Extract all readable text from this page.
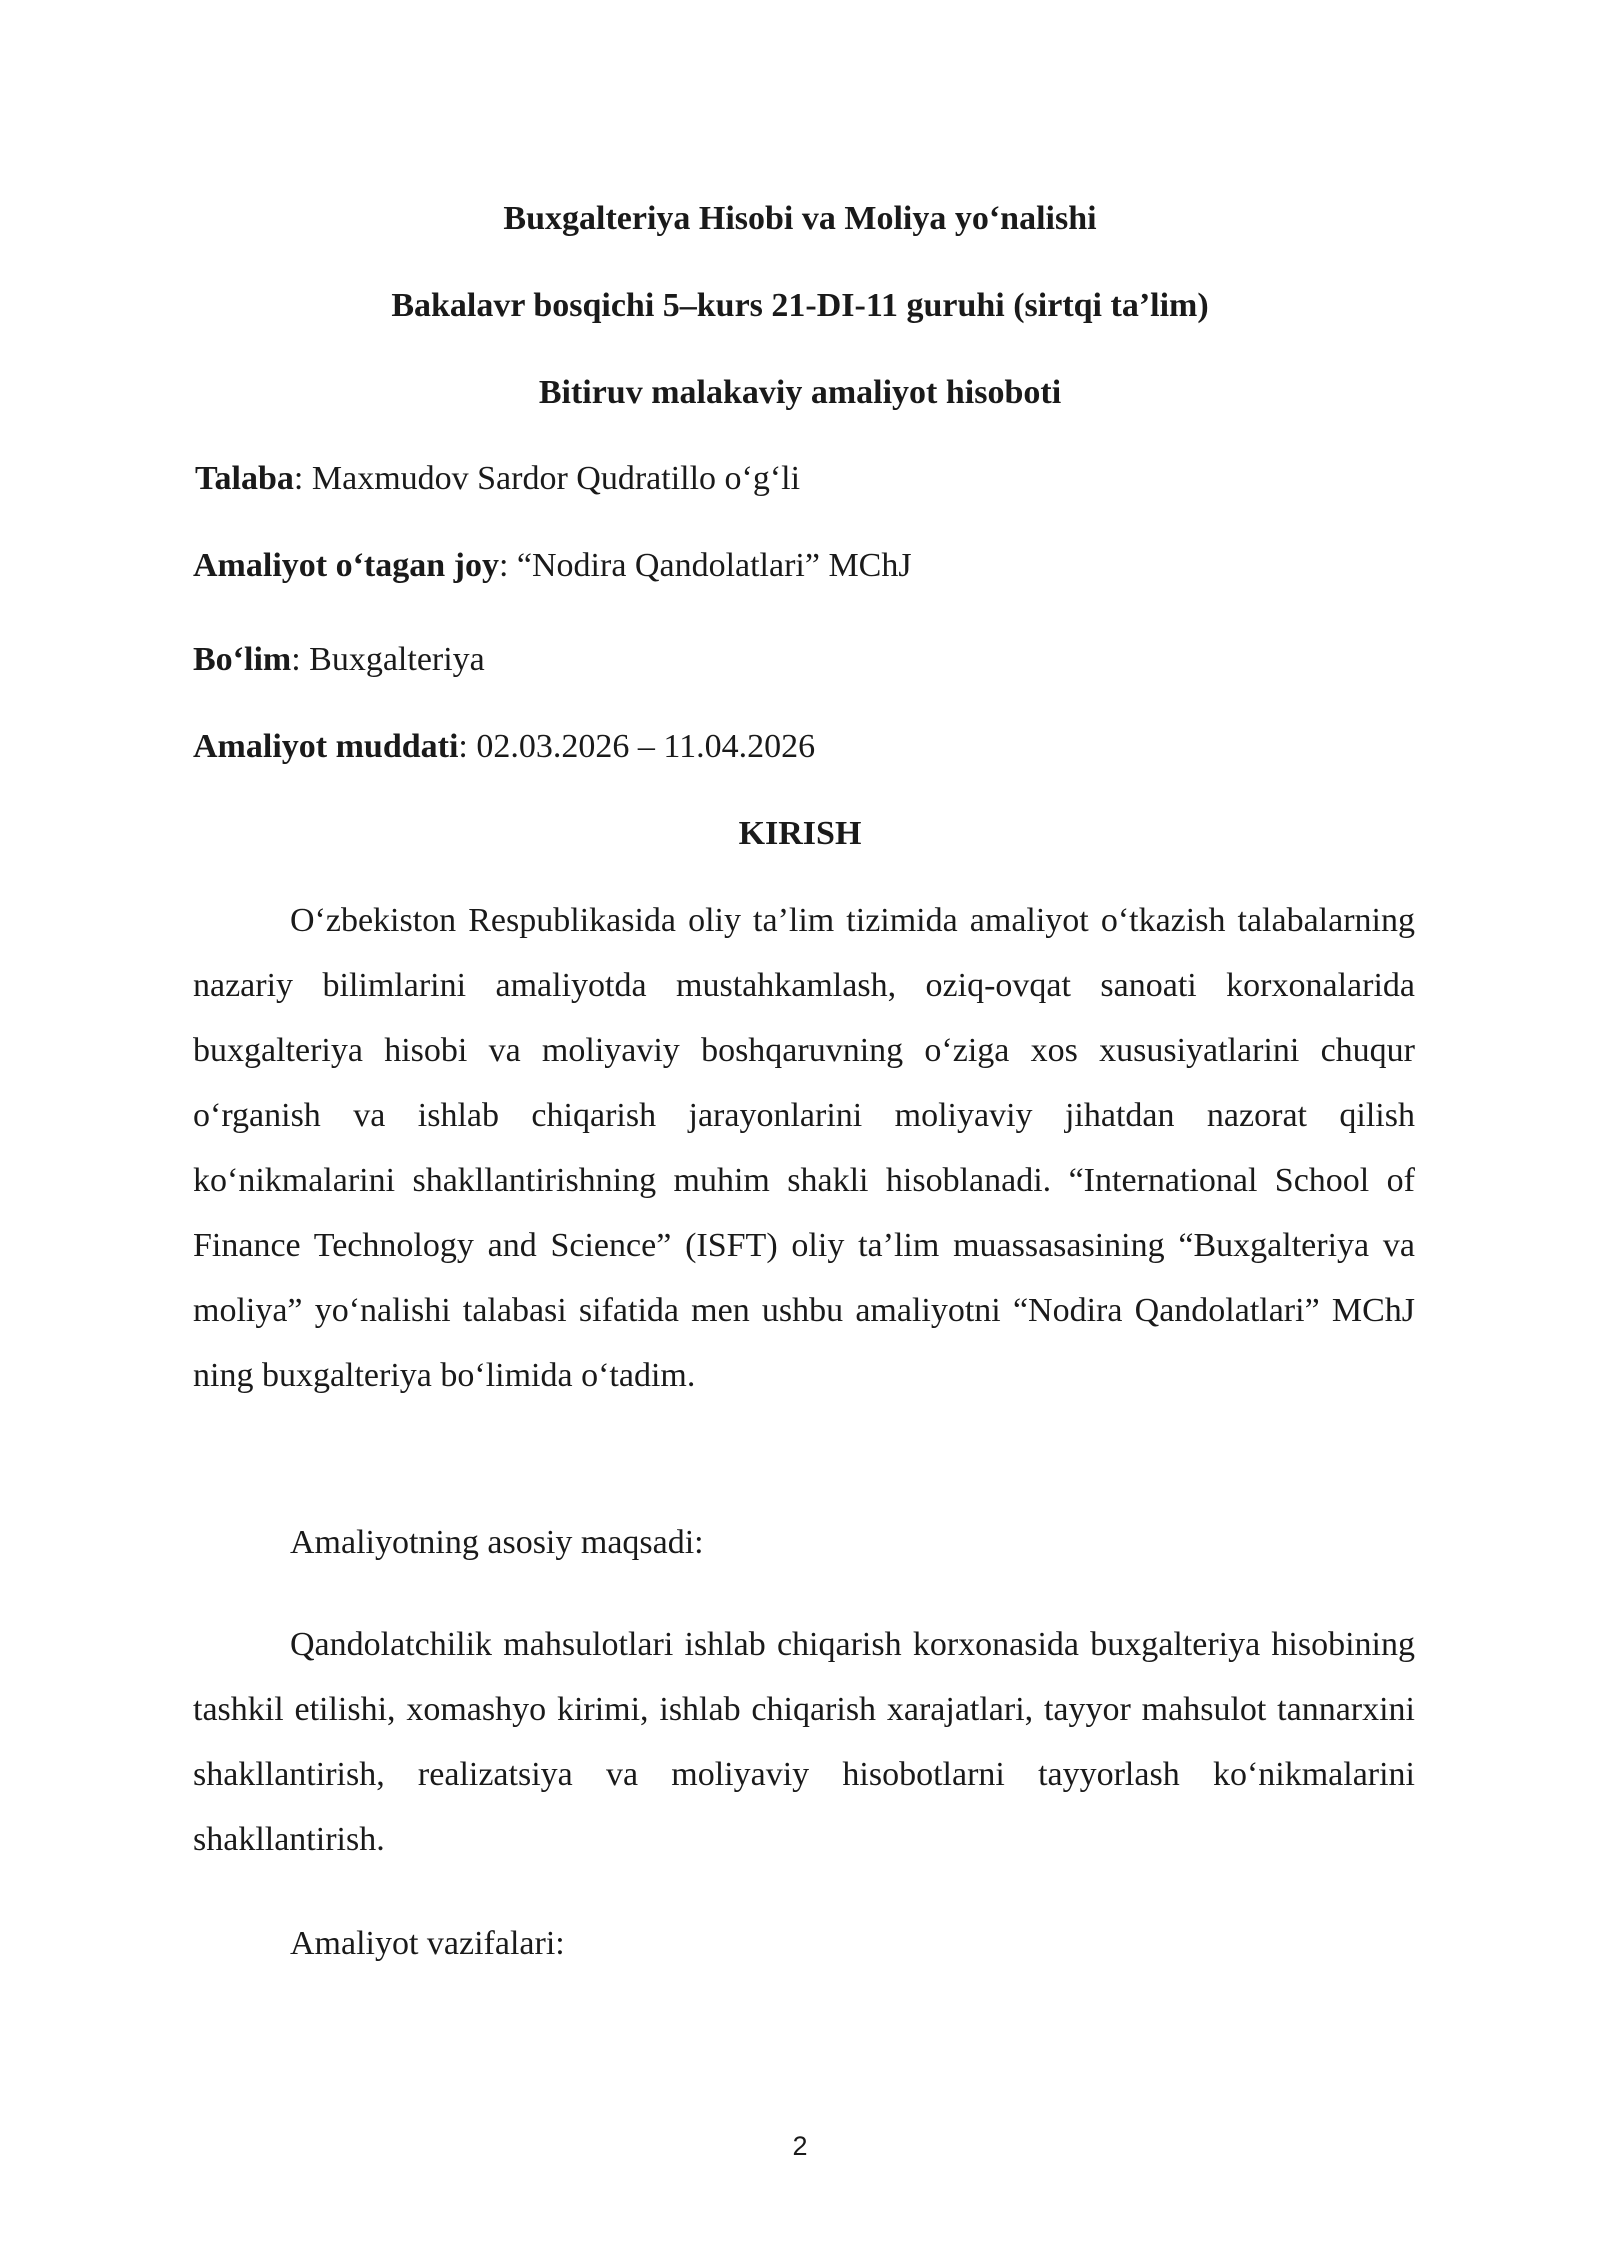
Buxgalteriya Hisobi va Moliya yo‘nalishi

Bakalavr bosqichi 5–kurs 21-DI-11 guruhi (sirtqi ta’lim)

Bitiruv malakaviy amaliyot hisoboti

Talaba: Maxmudov Sardor Qudratillo o‘g‘li

Amaliyot o‘tagan joy: “Nodira Qandolatlari” MChJ

Bo‘lim: Buxgalteriya

Amaliyot muddati: 02.03.2026 – 11.04.2026

KIRISH

O‘zbekiston Respublikasida oliy ta’lim tizimida amaliyot o‘tkazish talabalarning nazariy bilimlarini amaliyotda mustahkamlash, oziq-ovqat sanoati korxonalarida buxgalteriya hisobi va moliyaviy boshqaruvning o‘ziga xos xususiyatlarini chuqur o‘rganish va ishlab chiqarish jarayonlarini moliyaviy jihatdan nazorat qilish ko‘nikmalarini shakllantirishning muhim shakli hisoblanadi. “International School of Finance Technology and Science” (ISFT) oliy ta’lim muassasasining “Buxgalteriya va moliya” yo‘nalishi talabasi sifatida men ushbu amaliyotni “Nodira Qandolatlari” MChJ ning buxgalteriya bo‘limida o‘tadim.

Amaliyotning asosiy maqsadi:

Qandolatchilik mahsulotlari ishlab chiqarish korxonasida buxgalteriya hisobining tashkil etilishi, xomashyo kirimi, ishlab chiqarish xarajatlari, tayyor mahsulot tannarxini shakllantirish, realizatsiya va moliyaviy hisobotlarni tayyorlash ko‘nikmalarini shakllantirish.

Amaliyot vazifalari:

2
